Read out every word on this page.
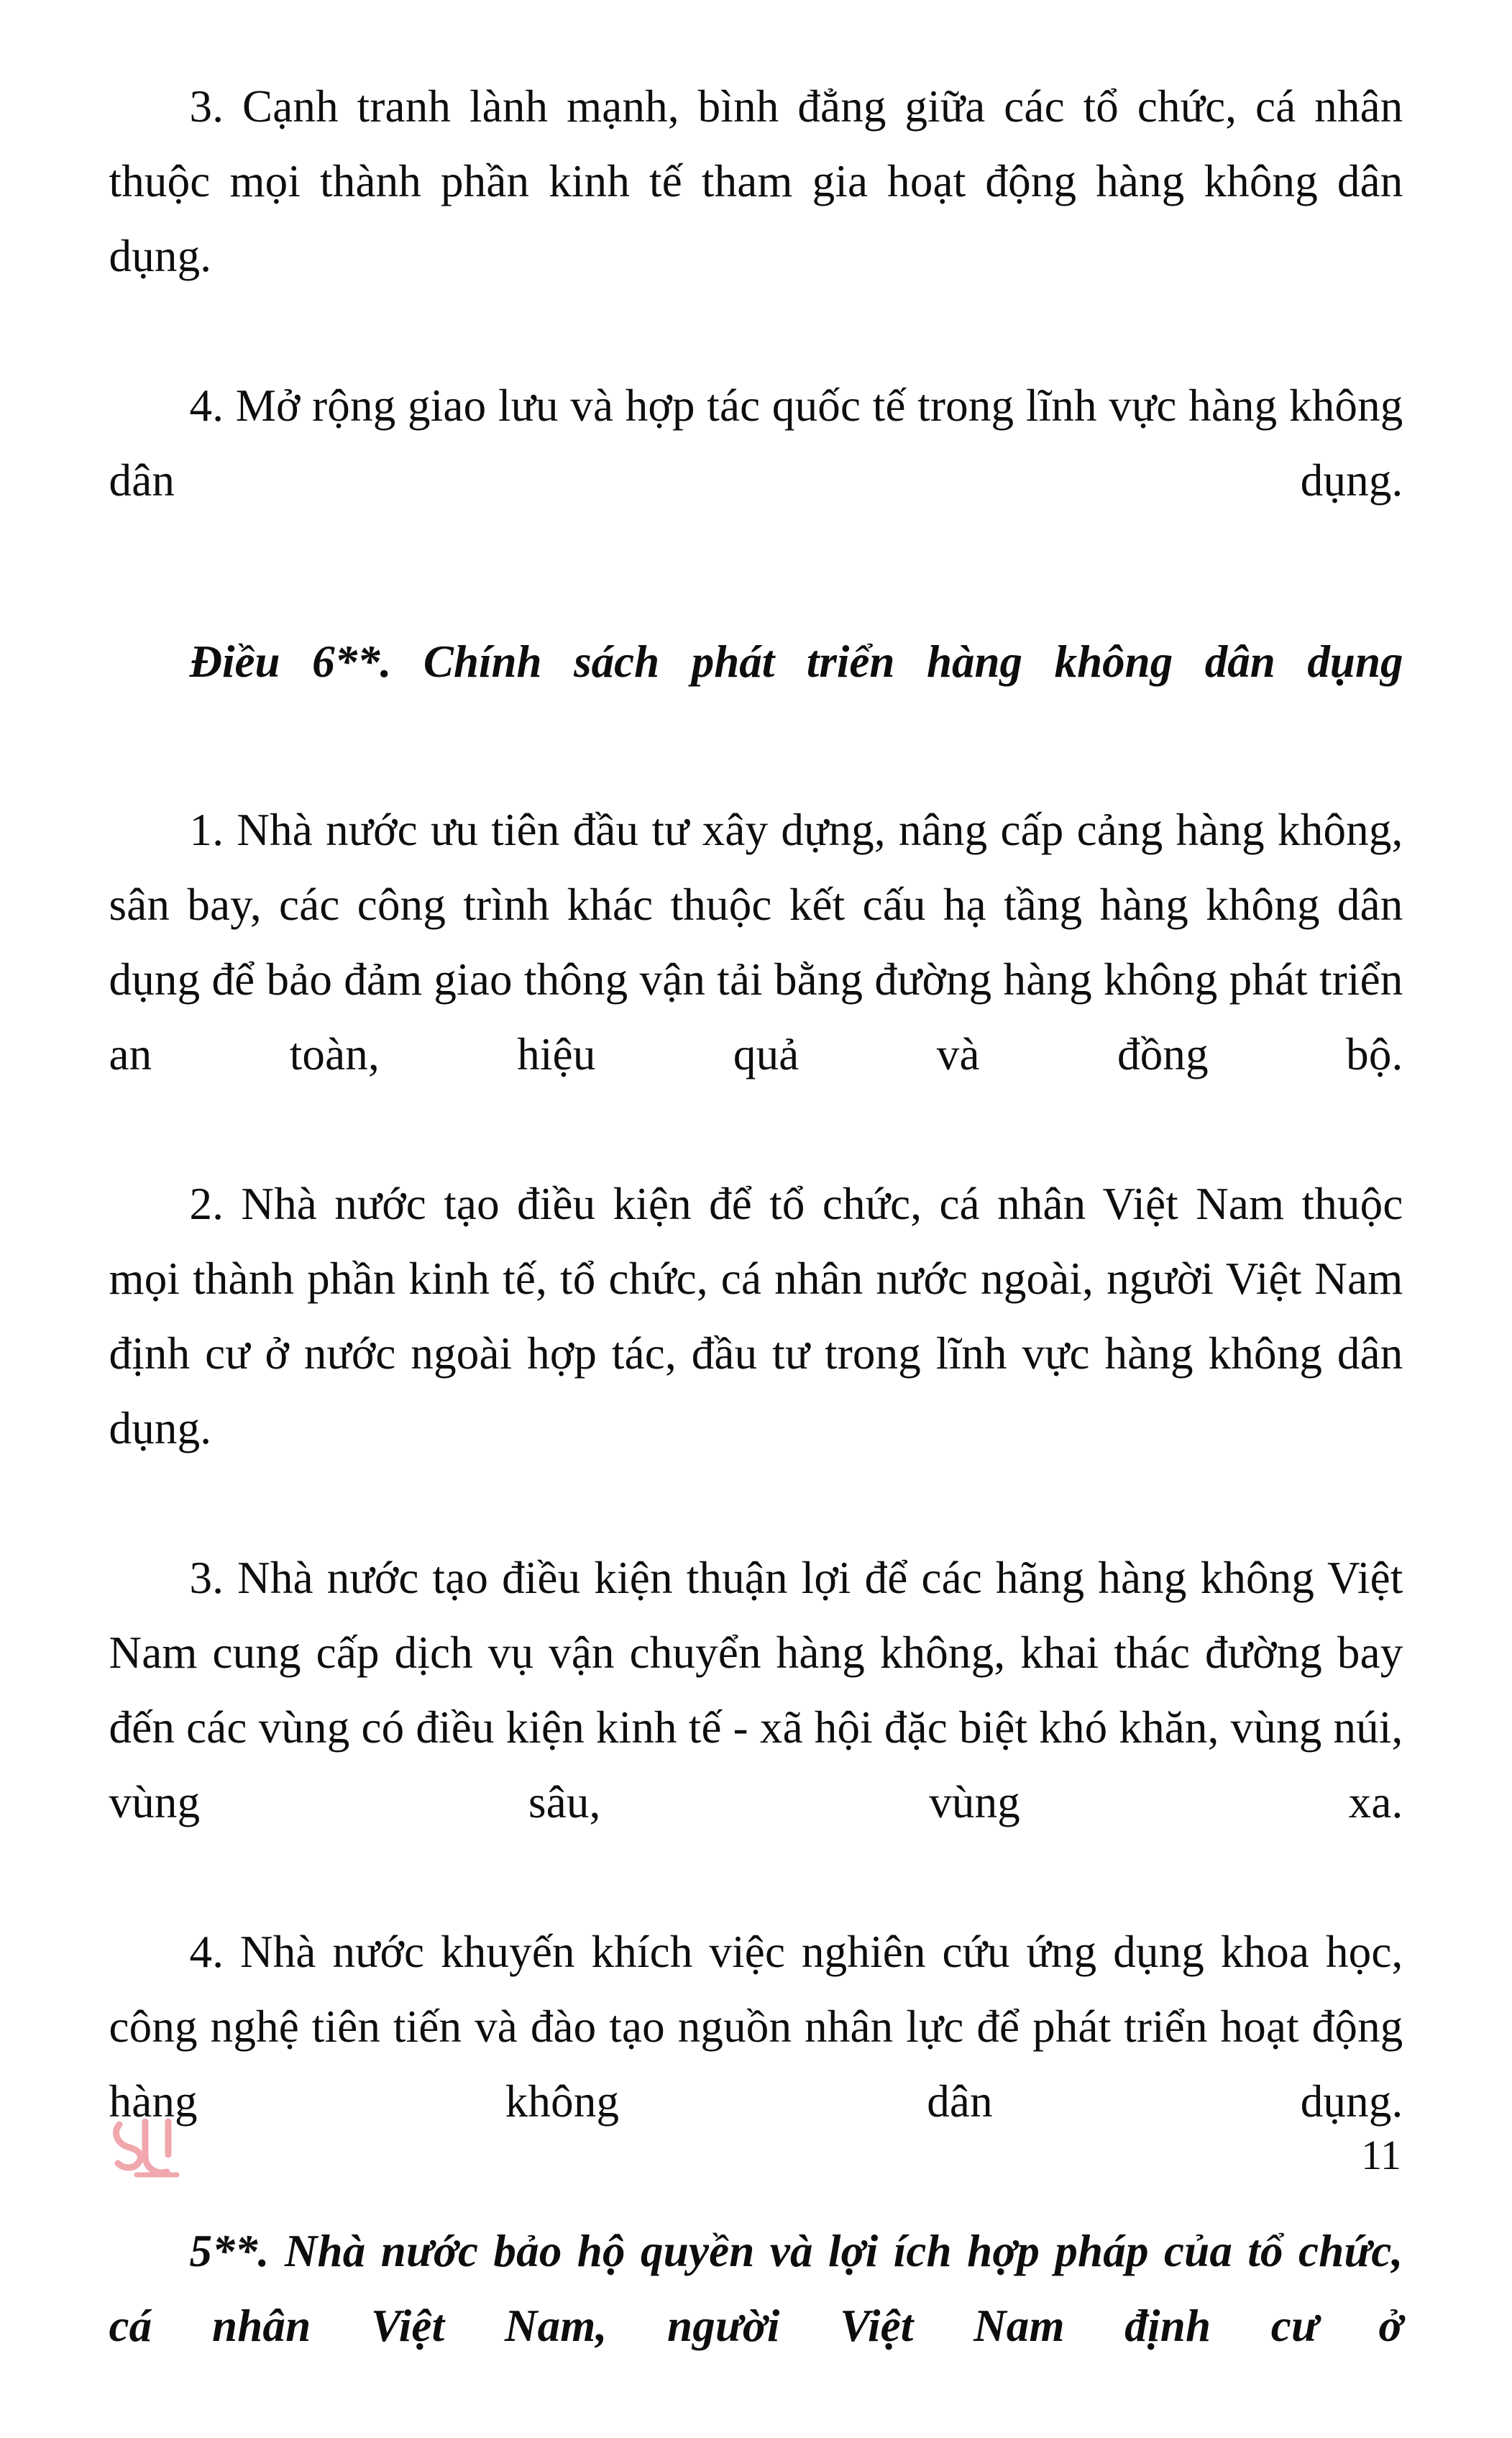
3. Cạnh tranh lành mạnh, bình đẳng giữa các tổ chức, cá nhân thuộc mọi thành phần kinh tế tham gia hoạt động hàng không dân dụng.

4. Mở rộng giao lưu và hợp tác quốc tế trong lĩnh vực hàng không dân dụng.

Điều 6**. Chính sách phát triển hàng không dân dụng

1. Nhà nước ưu tiên đầu tư xây dựng, nâng cấp cảng hàng không, sân bay, các công trình khác thuộc kết cấu hạ tầng hàng không dân dụng để bảo đảm giao thông vận tải bằng đường hàng không phát triển an toàn, hiệu quả và đồng bộ.

2. Nhà nước tạo điều kiện để tổ chức, cá nhân Việt Nam thuộc mọi thành phần kinh tế, tổ chức, cá nhân nước ngoài, người Việt Nam định cư ở nước ngoài hợp tác, đầu tư trong lĩnh vực hàng không dân dụng.

3. Nhà nước tạo điều kiện thuận lợi để các hãng hàng không Việt Nam cung cấp dịch vụ vận chuyển hàng không, khai thác đường bay đến các vùng có điều kiện kinh tế - xã hội đặc biệt khó khăn, vùng núi, vùng sâu, vùng xa.

4. Nhà nước khuyến khích việc nghiên cứu ứng dụng khoa học, công nghệ tiên tiến và đào tạo nguồn nhân lực để phát triển hoạt động hàng không dân dụng.

5**. Nhà nước bảo hộ quyền và lợi ích hợp pháp của tổ chức, cá nhân Việt Nam, người Việt Nam định cư ở

11
